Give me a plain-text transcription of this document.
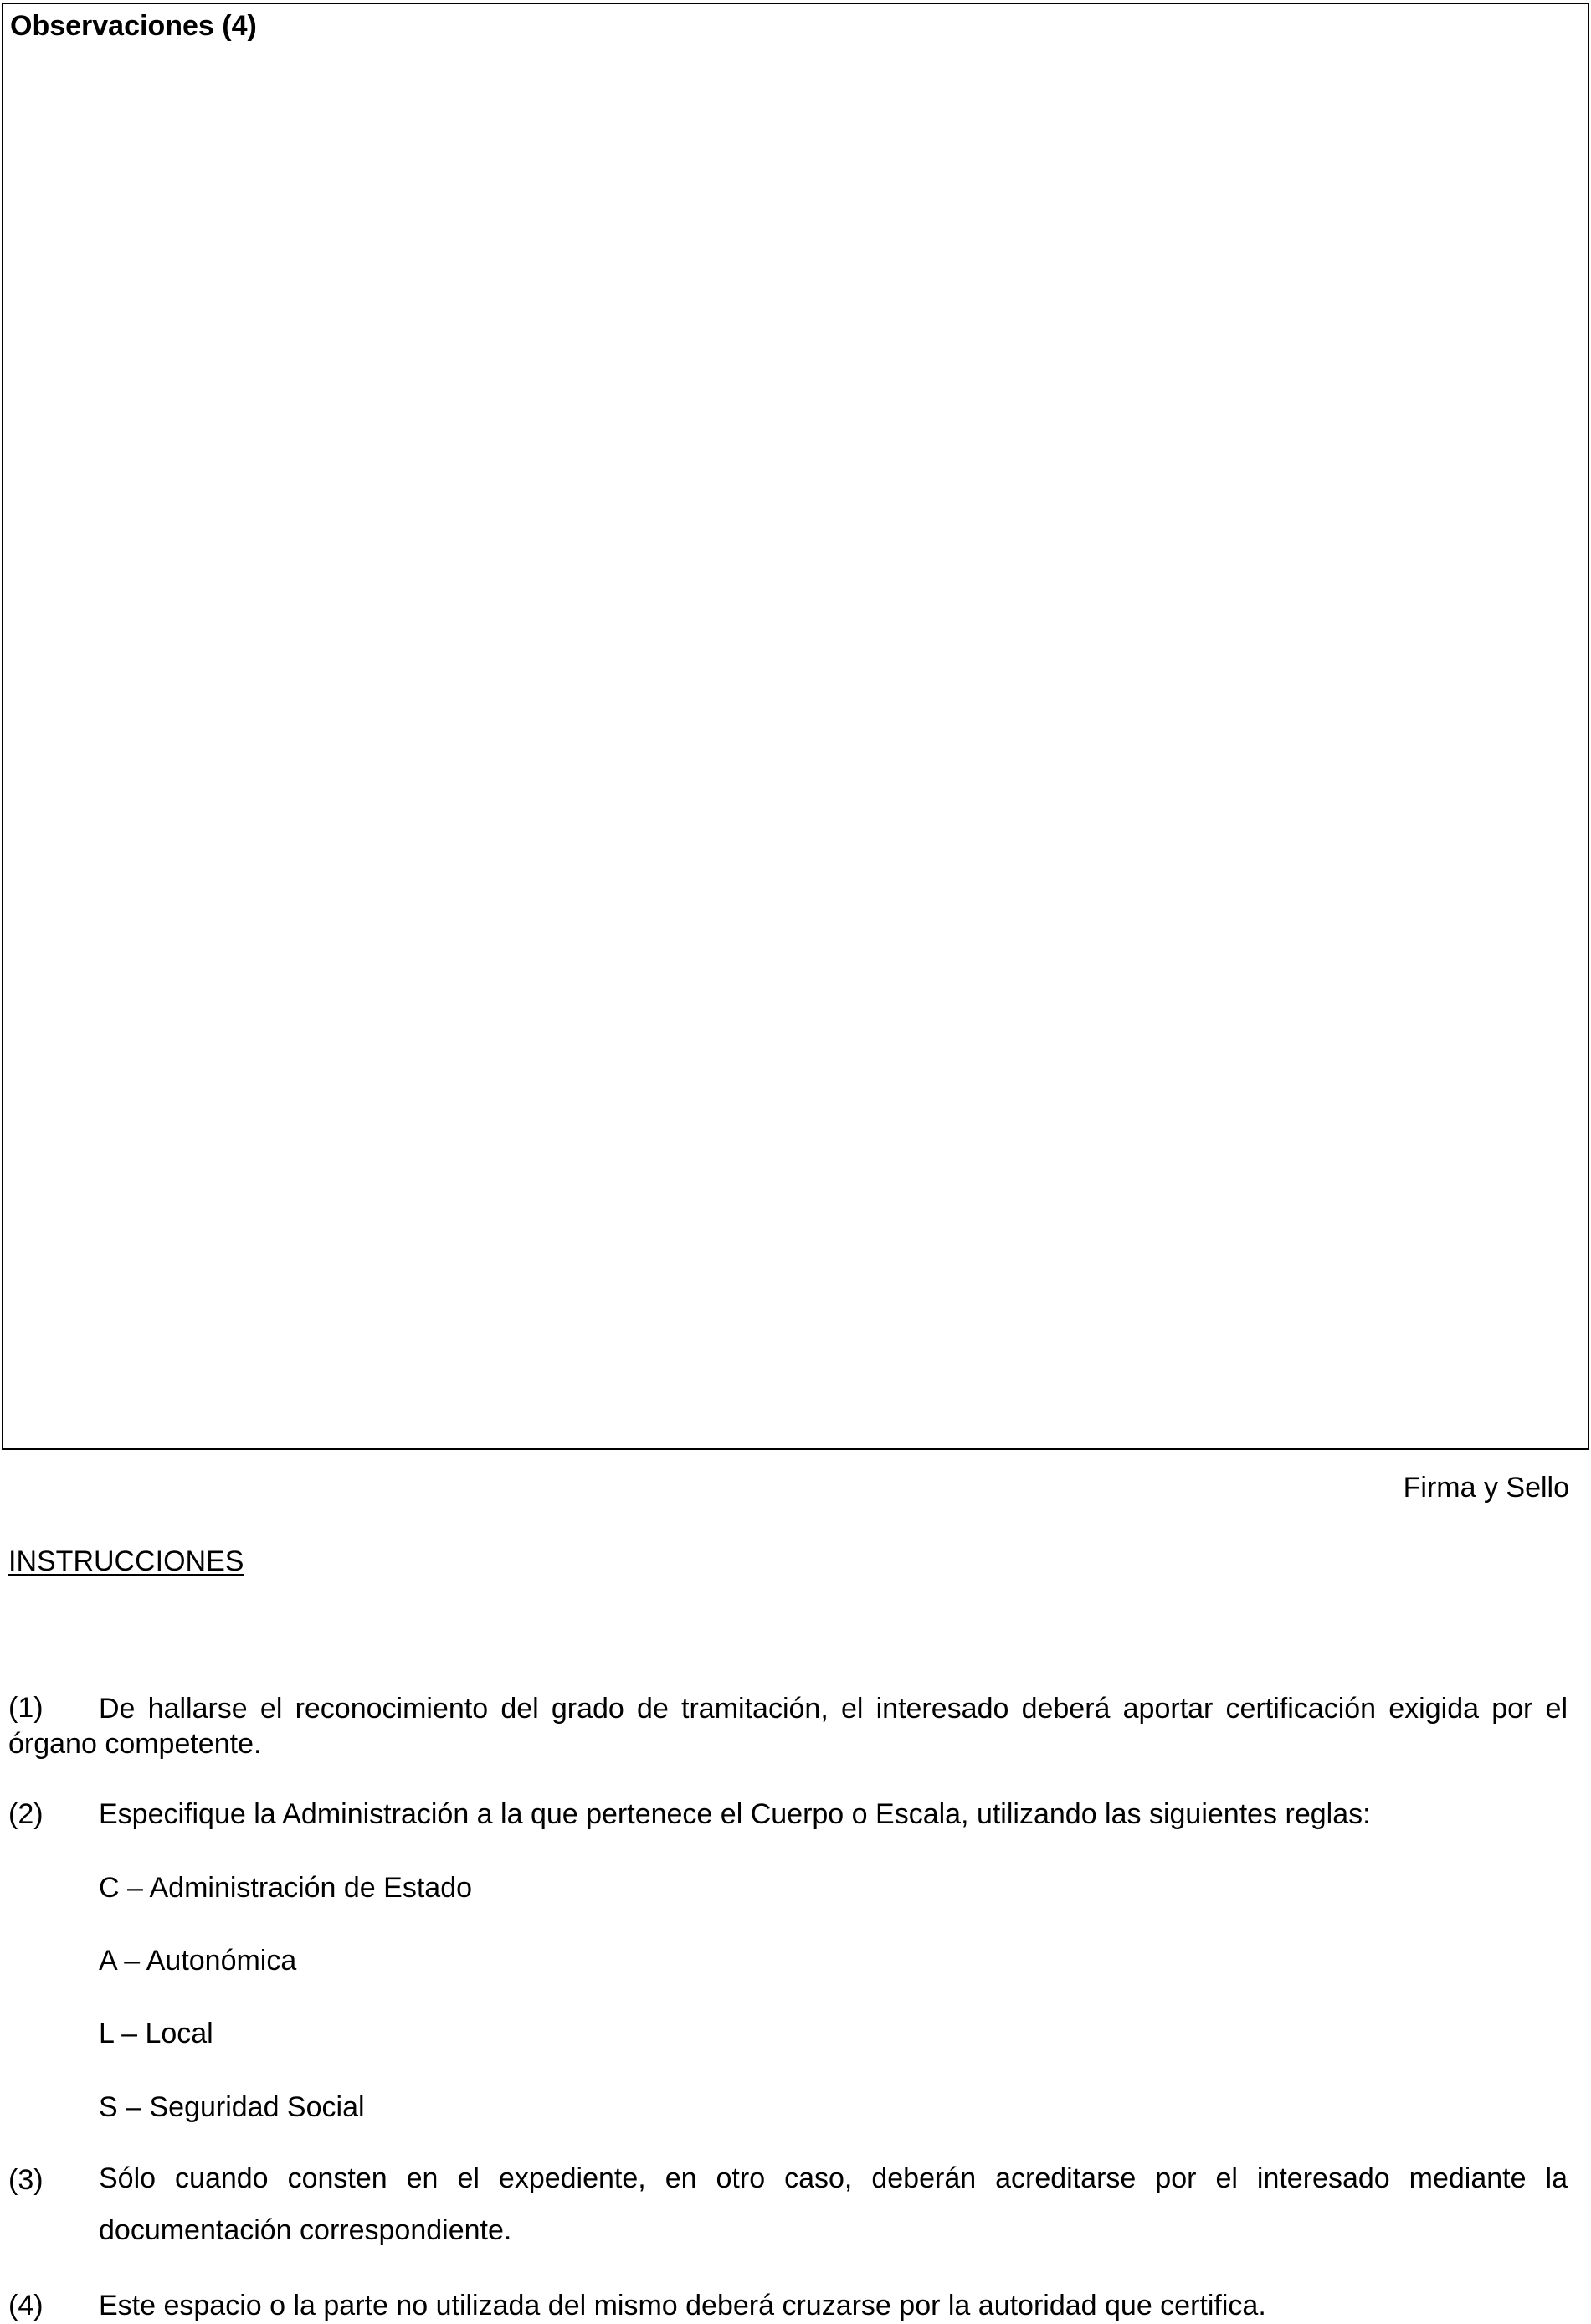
Observaciones (4)
Firma y Sello
INSTRUCCIONES
(1)	De hallarse el reconocimiento del grado de tramitación, el interesado deberá aportar certificación exigida por el órgano competente.
(2)	Especifique la Administración a la que pertenece el Cuerpo o Escala, utilizando las siguientes reglas:
C – Administración de Estado
A – Autonómica
L – Local
S – Seguridad Social
(3)	Sólo cuando consten en el expediente, en otro caso, deberán acreditarse por el interesado mediante la documentación correspondiente.
(4)	Este espacio o la parte no utilizada del mismo deberá cruzarse por la autoridad que certifica.
